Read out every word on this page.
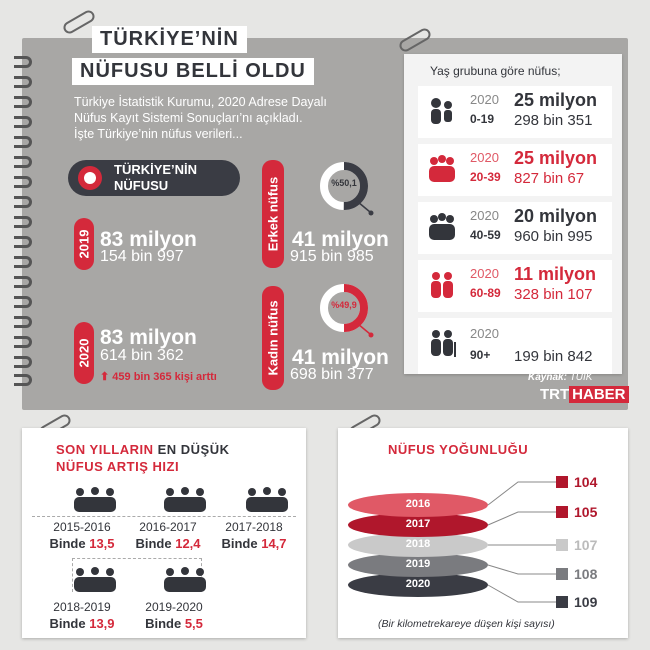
TÜRKİYE’NİN
NÜFUSU BELLİ OLDU
Türkiye İstatistik Kurumu, 2020 Adrese Dayalı
Nüfus Kayıt Sistemi Sonuçları’nı açıkladı.
İşte Türkiye’nin nüfus verileri...
TÜRKİYE’NİN
NÜFUSU
2019 83 milyon
154 bin 997
2020
83 milyon
614 bin 362
⬆ 459 bin 365 kişi arttı
Erkek nüfus	%50,1
41 milyon
915 bin 985
Kadın nüfus	%49,9
41 milyon
698 bin 377
Yaş grubuna göre nüfus;
2020
0-19
25 milyon
298 bin 351
2020
20-39
25 milyon
827 bin 67
2020
40-59
20 milyon
960 bin 995
2020
60-89
11 milyon
328 bin 107
2020
90+ 199 bin 842
Kaynak: TÜİK
TRT HABER
SON YILLARIN EN DÜŞÜK
NÜFUS ARTIŞ HIZI
2015-2016
Binde 13,5
2016-2017
Binde 12,4
2017-2018
Binde 14,7
2018-2019
Binde 13,9
2019-2020
Binde 5,5
NÜFUS YOĞUNLUĞU
2016
2017
2018
2019
2020
104
105
107
108
109
(Bir kilometrekareye düşen kişi sayısı)
